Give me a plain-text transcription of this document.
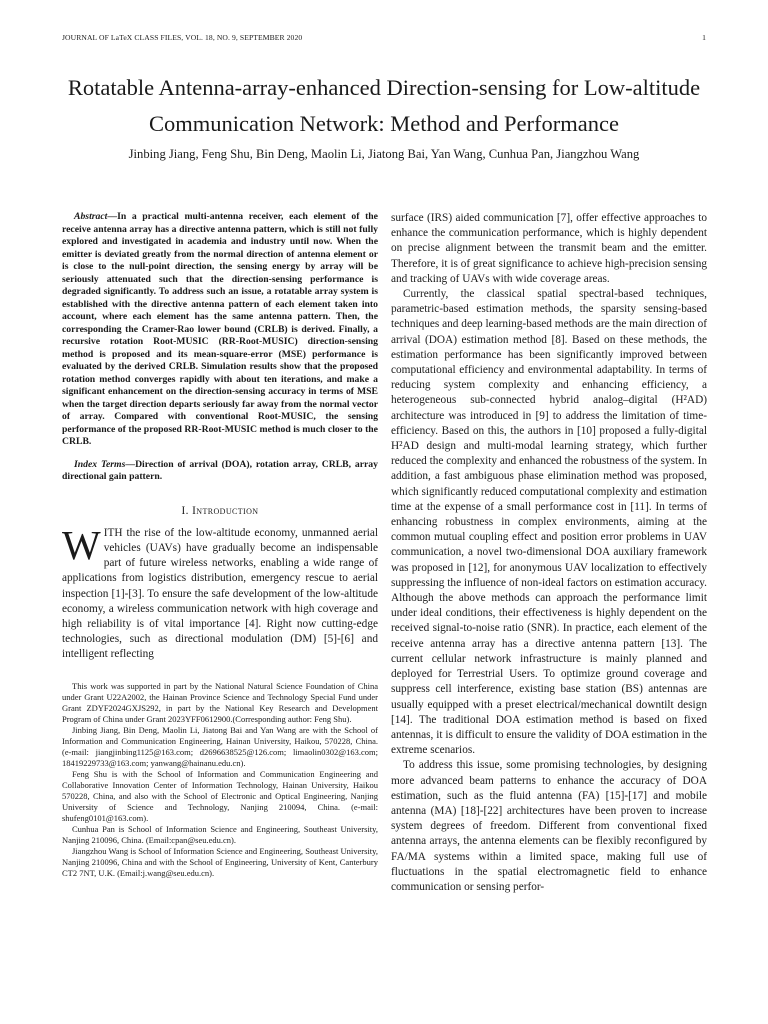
JOURNAL OF LaTeX CLASS FILES, VOL. 18, NO. 9, SEPTEMBER 2020	1
Rotatable Antenna-array-enhanced Direction-sensing for Low-altitude
Communication Network: Method and Performance
Jinbing Jiang, Feng Shu, Bin Deng, Maolin Li, Jiatong Bai, Yan Wang, Cunhua Pan, Jiangzhou Wang

Abstract—In a practical multi-antenna receiver, each element of the receive antenna array has a directive antenna pattern, which is still not fully explored and investigated in academia and industry until now. When the emitter is deviated greatly from the normal direction of antenna element or is close to the null-point direction, the sensing energy by array will be seriously attenuated such that the direction-sensing performance is degraded significantly. To address such an issue, a rotatable array system is established with the directive antenna pattern of each element taken into account, where each element has the same antenna pattern. Then, the corresponding the Cramer-Rao lower bound (CRLB) is derived. Finally, a recursive rotation Root-MUSIC (RR-Root-MUSIC) direction-sensing method is proposed and its mean-square-error (MSE) performance is evaluated by the derived CRLB. Simulation results show that the proposed rotation method converges rapidly with about ten iterations, and make a significant enhancement on the direction-sensing accuracy in terms of MSE when the target direction departs seriously far away from the normal vector of array. Compared with conventional Root-MUSIC, the sensing performance of the proposed RR-Root-MUSIC method is much closer to the CRLB.

Index Terms—Direction of arrival (DOA), rotation array, CRLB, array directional gain pattern.

I. Introduction

WITH the rise of the low-altitude economy, unmanned aerial vehicles (UAVs) have gradually become an indispensable part of future wireless networks, enabling a wide range of applications from logistics distribution, emergency rescue to aerial inspection [1]-[3]. To ensure the safe development of the low-altitude economy, a wireless communication network with high coverage and high reliability is of vital importance [4]. Right now cutting-edge technologies, such as directional modulation (DM) [5]-[6] and intelligent reflecting

This work was supported in part by the National Natural Science Foundation of China under Grant U22A2002, the Hainan Province Science and Technology Special Fund under Grant ZDYF2024GXJS292, in part by the National Key Research and Development Program of China under Grant 2023YFF0612900.(Corresponding author: Feng Shu).

Jinbing Jiang, Bin Deng, Maolin Li, Jiatong Bai and Yan Wang are with the School of Information and Communication Engineering, Hainan University, Haikou, 570228, China. (e-mail: jiangjinbing1125@163.com; d2696638525@126.com; limaolin0302@163.com; 18419229733@163.com; yanwang@hainanu.edu.cn).

Feng Shu is with the School of Information and Communication Engineering and Collaborative Innovation Center of Information Technology, Hainan University, Haikou 570228, China, and also with the School of Electronic and Optical Engineering, Nanjing University of Science and Technology, Nanjing 210094, China. (e-mail: shufeng0101@163.com).

Cunhua Pan is School of Information Science and Engineering, Southeast University, Nanjing 210096, China. (Email:cpan@seu.edu.cn).

Jiangzhou Wang is School of Information Science and Engineering, Southeast University, Nanjing 210096, China and with the School of Engineering, University of Kent, Canterbury CT2 7NT, U.K. (Email:j.wang@seu.edu.cn).

surface (IRS) aided communication [7], offer effective approaches to enhance the communication performance, which is highly dependent on precise alignment between the transmit beam and the emitter. Therefore, it is of great significance to achieve high-precision sensing and tracking of UAVs with wide coverage areas.

Currently, the classical spatial spectral-based techniques, parametric-based estimation methods, the sparsity sensing-based techniques and deep learning-based methods are the main direction of arrival (DOA) estimation method [8]. Based on these methods, the estimation performance has been significantly improved between computational efficiency and environmental adaptability. In terms of reducing system complexity and enhancing efficiency, a heterogeneous sub-connected hybrid analog–digital (H²AD) architecture was introduced in [9] to address the limitation of time-efficiency. Based on this, the authors in [10] proposed a fully-digital H²AD design and multi-modal learning strategy, which further reduced the complexity and enhanced the robustness of the system. In addition, a fast ambiguous phase elimination method was proposed, which significantly reduced computational complexity and estimation time at the expense of a small performance cost in [11]. In terms of enhancing robustness in complex environments, aiming at the common mutual coupling effect and position error problems in UAV communication, a novel two-dimensional DOA auxiliary framework was proposed in [12], for anonymous UAV localization to effectively suppressing the influence of non-ideal factors on estimation accuracy. Although the above methods can approach the performance limit under ideal conditions, their effectiveness is highly dependent on the received signal-to-noise ratio (SNR). In practice, each element of the receive antenna array has a directive antenna pattern [13]. The current cellular network infrastructure is mainly planned and deployed for Terrestrial Users. To optimize ground coverage and suppress cell interference, existing base station (BS) antennas are usually equipped with a preset electrical/mechanical downtilt design [14]. The traditional DOA estimation method is based on fixed antennas, it is difficult to ensure the validity of DOA estimation in the extreme scenarios.

To address this issue, some promising technologies, by designing more advanced beam patterns to enhance the accuracy of DOA estimation, such as the fluid antenna (FA) [15]-[17] and mobile antenna (MA) [18]-[22] architectures have been proven to increase system degrees of freedom. Different from conventional fixed antenna arrays, the antenna elements can be flexibly reconfigured by FA/MA systems within a limited space, making full use of fluctuations in the spatial electromagnetic field to enhance communication or sensing perfor-
